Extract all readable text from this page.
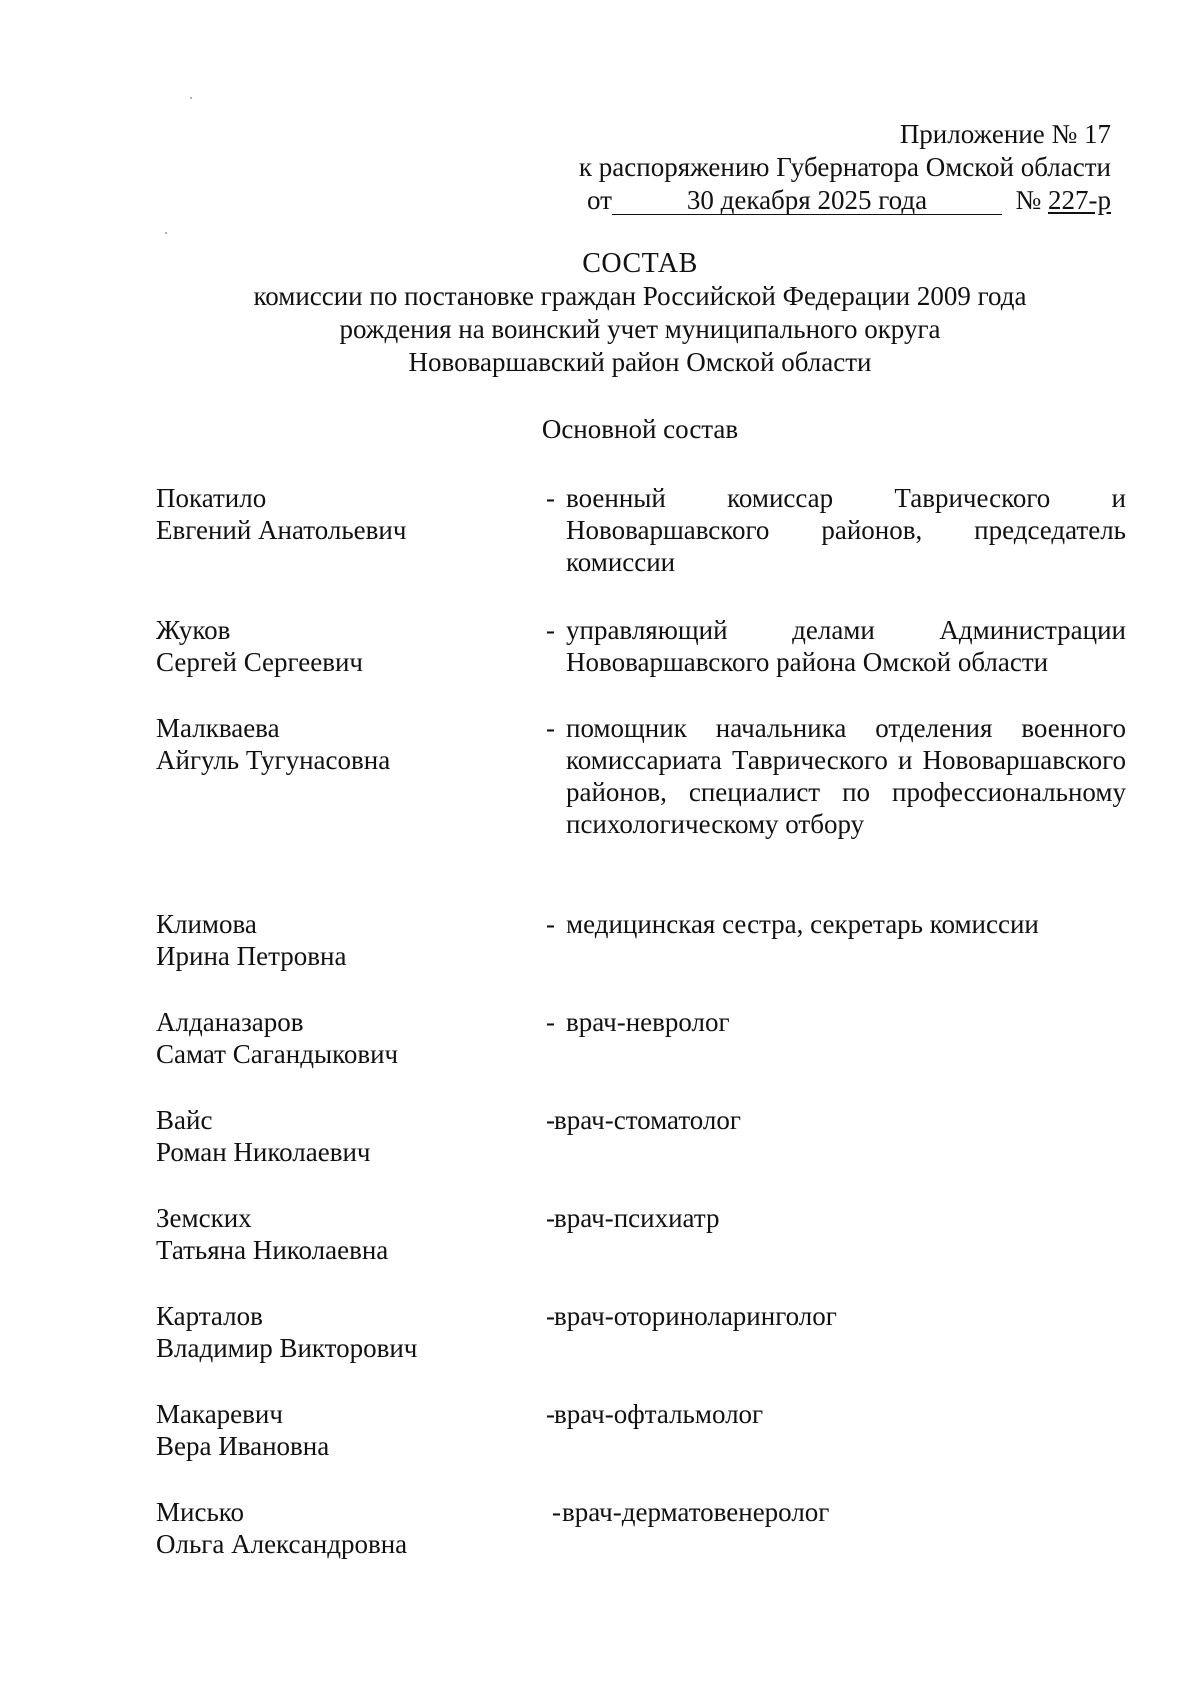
Приложение № 17
к распоряжению Губернатора Омской области
от	30 декабря 2025 года	№ 227-р
СОСТАВ
комиссии по постановке граждан Российской Федерации 2009 года
рождения на воинский учет муниципального округа
Нововаршавский район Омской области
Основной состав
Покатило
Евгений Анатольевич
- военный комиссар Таврического и Нововаршавского районов, председатель комиссии
Жуков
Сергей Сергеевич
- управляющий делами Администрации Нововаршавского района Омской области
Малкваева
Айгуль Тугунасовна
- помощник начальника отделения военного комиссариата Таврического и Нововаршавского районов, специалист по профессиональному психологическому отбору
Климова
Ирина Петровна
- медицинская сестра, секретарь комиссии
Алданазаров
Самат Сагандыкович
- врач-невролог
Вайс
Роман Николаевич
- врач-стоматолог
Земских
Татьяна Николаевна
- врач-психиатр
Карталов
Владимир Викторович
- врач-оториноларинголог
Макаревич
Вера Ивановна
- врач-офтальмолог
Мисько
Ольга Александровна
- врач-дерматовенеролог
